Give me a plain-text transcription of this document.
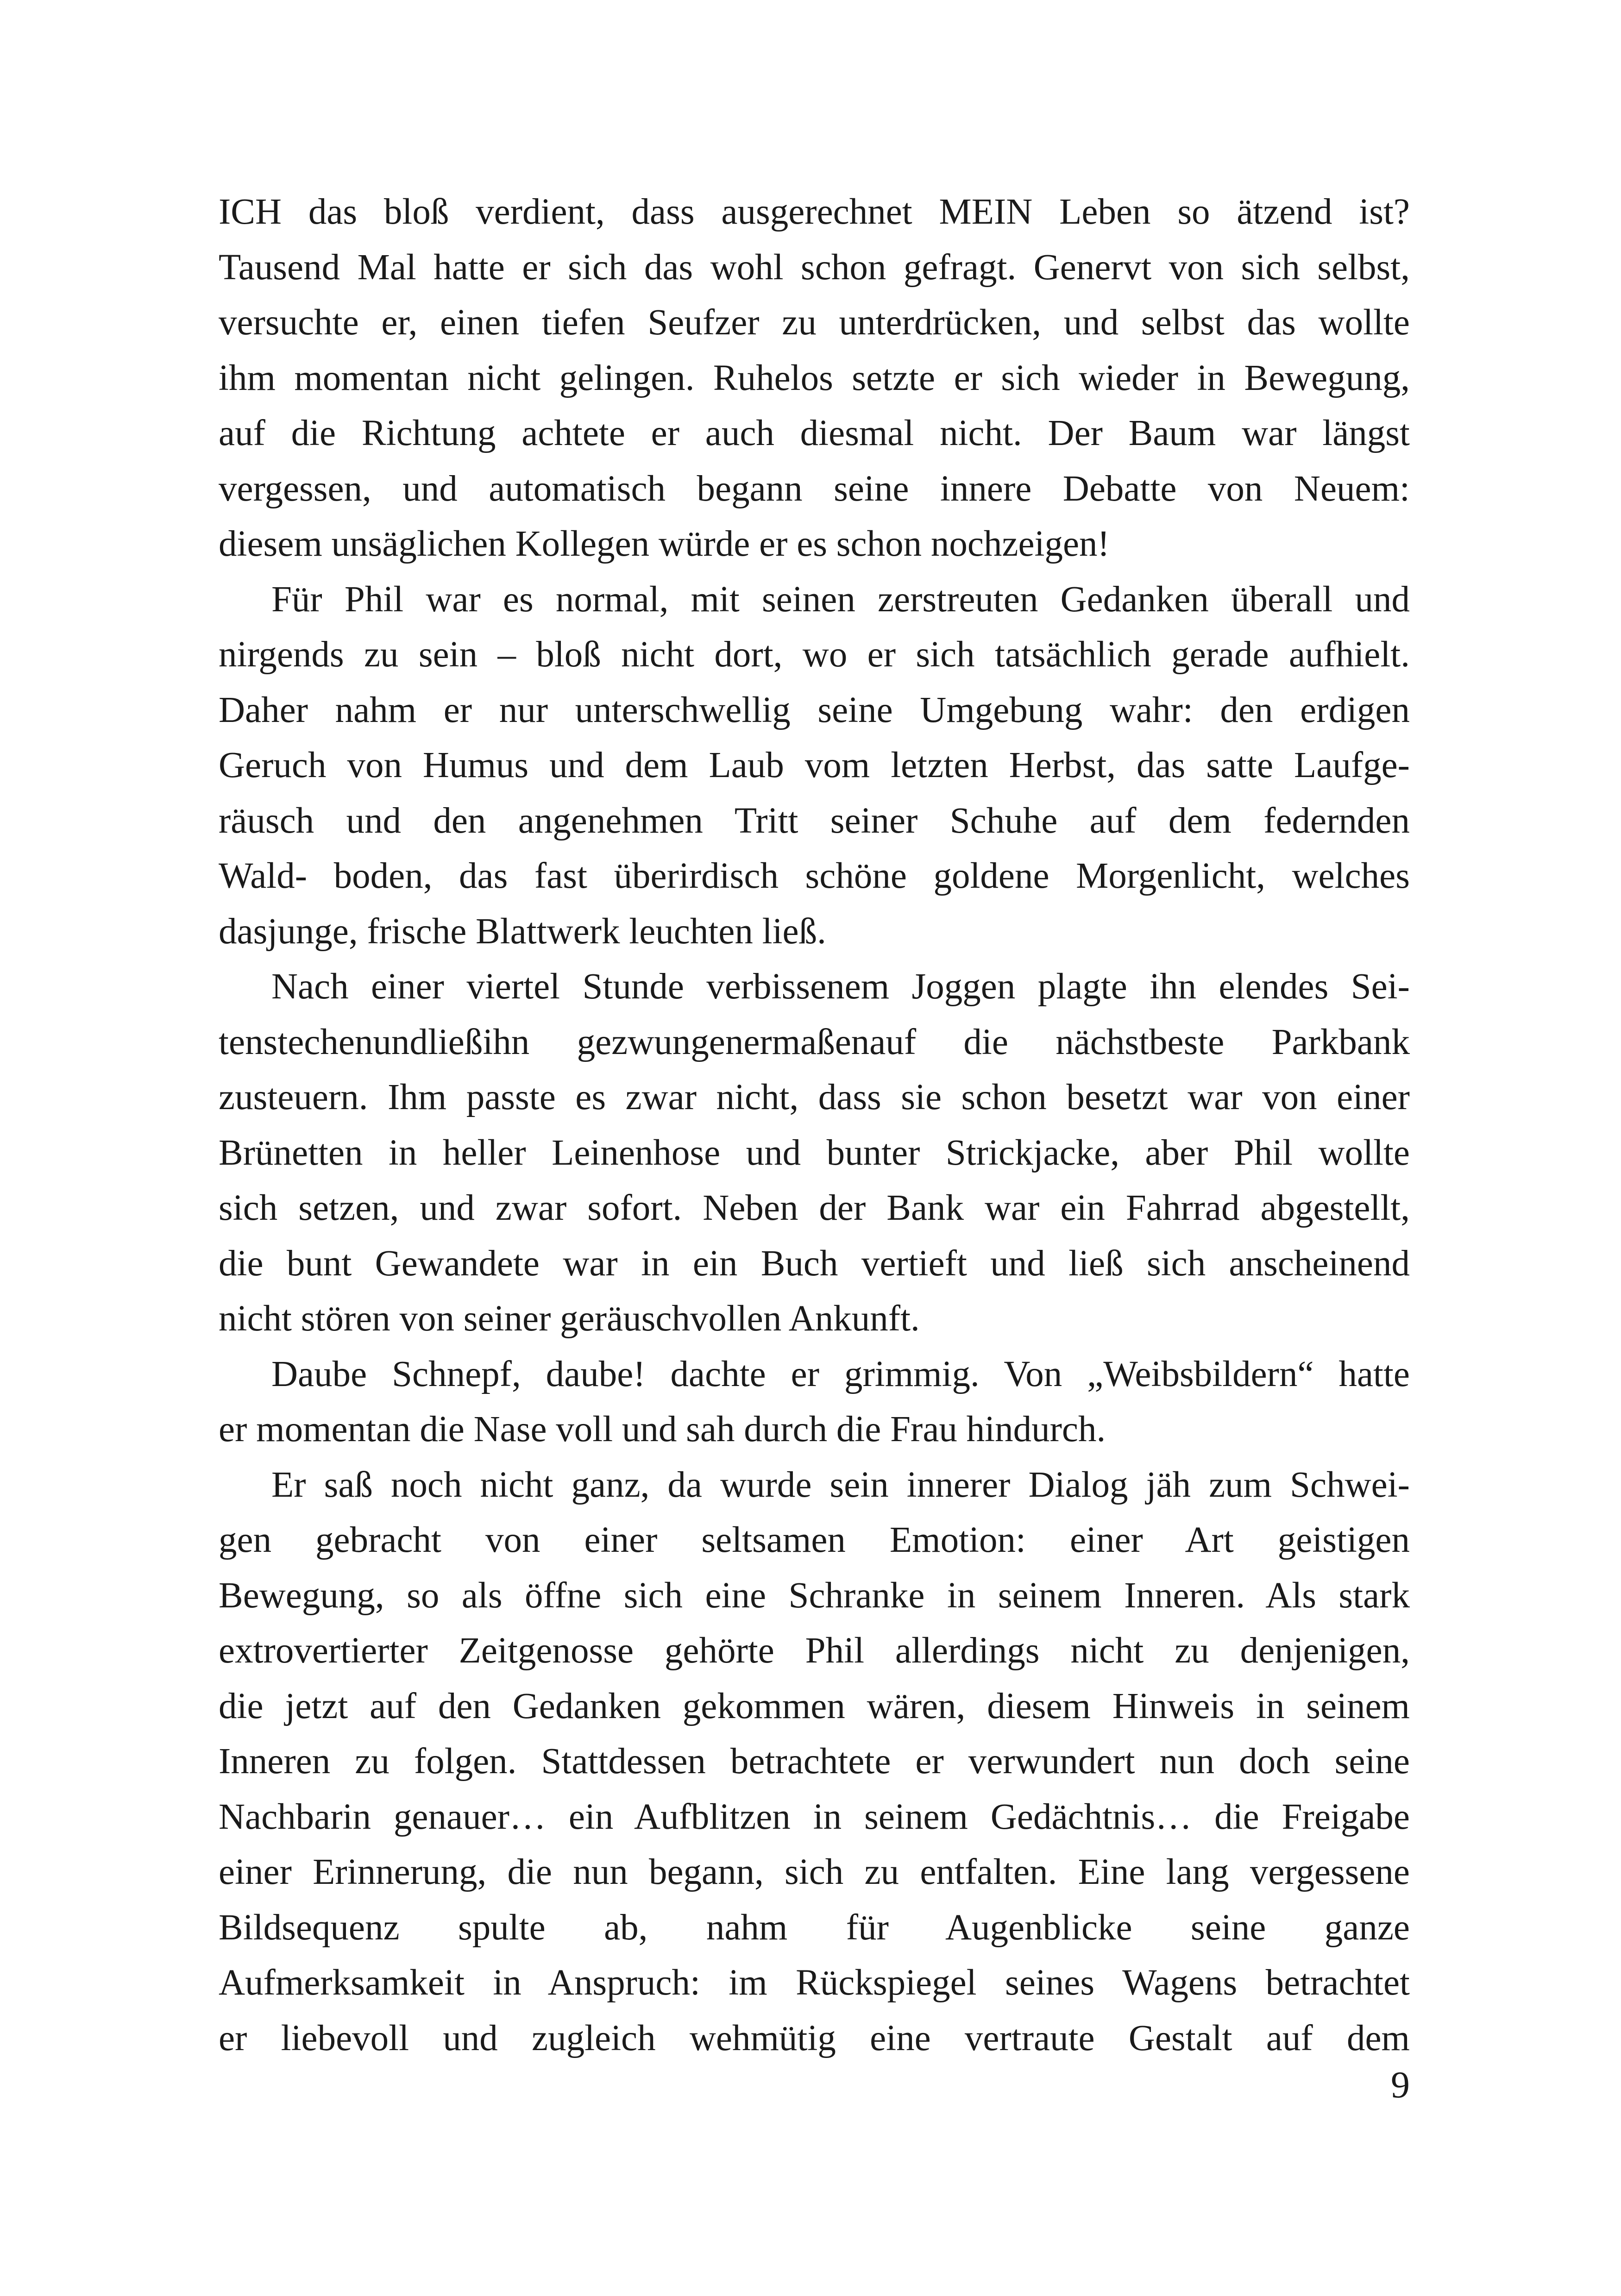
ICH das bloß verdient, dass ausgerechnet MEIN Leben so ätzend ist?
Tausend Mal hatte er sich das wohl schon gefragt. Genervt von sich selbst,
versuchte er, einen tiefen Seufzer zu unterdrücken, und selbst das wollte
ihm momentan nicht gelingen. Ruhelos setzte er sich wieder in Bewegung,
auf die Richtung achtete er auch diesmal nicht. Der Baum war längst
vergessen, und automatisch begann seine innere Debatte von Neuem:
diesem unsäglichen Kollegen würde er es schon nochzeigen!

Für Phil war es normal, mit seinen zerstreuten Gedanken überall und
nirgends zu sein – bloß nicht dort, wo er sich tatsächlich gerade aufhielt.
Daher nahm er nur unterschwellig seine Umgebung wahr: den erdigen
Geruch von Humus und dem Laub vom letzten Herbst, das satte Laufge-
räusch und den angenehmen Tritt seiner Schuhe auf dem federnden
Wald- boden, das fast überirdisch schöne goldene Morgenlicht, welches
dasjunge, frische Blattwerk leuchten ließ.

Nach einer viertel Stunde verbissenem Joggen plagte ihn elendes Sei-
tenstechenundließihn gezwungenermaßenauf die nächstbeste Parkbank
zusteuern. Ihm passte es zwar nicht, dass sie schon besetzt war von einer
Brünetten in heller Leinenhose und bunter Strickjacke, aber Phil wollte
sich setzen, und zwar sofort. Neben der Bank war ein Fahrrad abgestellt,
die bunt Gewandete war in ein Buch vertieft und ließ sich anscheinend
nicht stören von seiner geräuschvollen Ankunft.

Daube Schnepf, daube! dachte er grimmig. Von „Weibsbildern“ hatte
er momentan die Nase voll und sah durch die Frau hindurch.

Er saß noch nicht ganz, da wurde sein innerer Dialog jäh zum Schwei-
gen gebracht von einer seltsamen Emotion: einer Art geistigen
Bewegung, so als öffne sich eine Schranke in seinem Inneren. Als stark
extrovertierter Zeitgenosse gehörte Phil allerdings nicht zu denjenigen,
die jetzt auf den Gedanken gekommen wären, diesem Hinweis in seinem
Inneren zu folgen. Stattdessen betrachtete er verwundert nun doch seine
Nachbarin genauer… ein Aufblitzen in seinem Gedächtnis… die Freigabe
einer Erinnerung, die nun begann, sich zu entfalten. Eine lang vergessene
Bildsequenz spulte ab, nahm für Augenblicke seine ganze
Aufmerksamkeit in Anspruch: im Rückspiegel seines Wagens betrachtet
er liebevoll und zugleich wehmütig eine vertraute Gestalt auf dem

9
